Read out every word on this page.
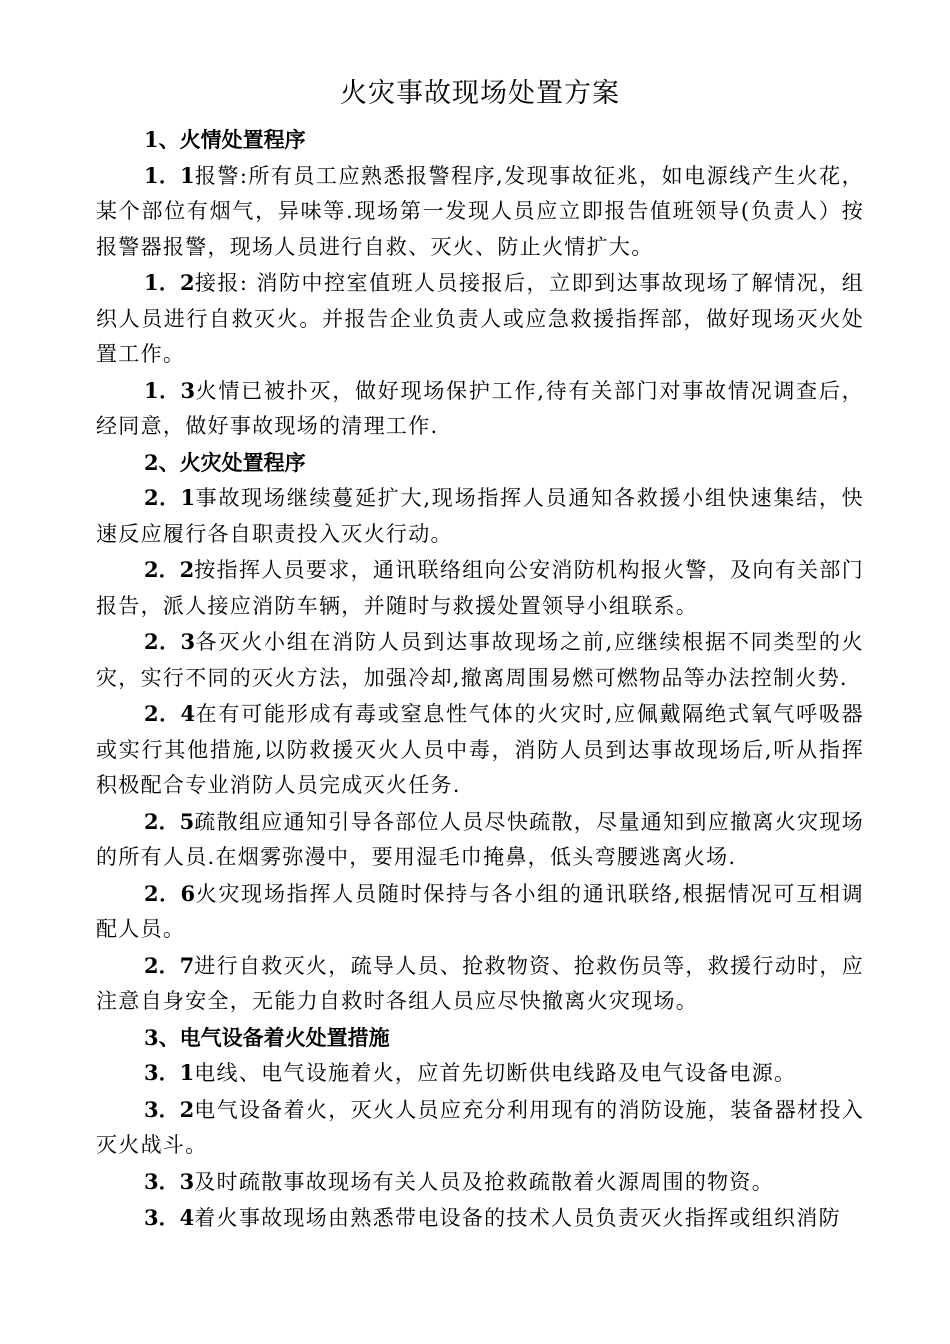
火灾事故现场处置方案

1、火情处置程序

1．1报警:所有员工应熟悉报警程序,发现事故征兆，如电源线产生火花，某个部位有烟气，异味等.现场第一发现人员应立即报告值班领导(负责人）按报警器报警，现场人员进行自救、灭火、防止火情扩大。

1．2接报: 消防中控室值班人员接报后，立即到达事故现场了解情况，组织人员进行自救灭火。并报告企业负责人或应急救援指挥部，做好现场灭火处置工作。

1．3火情已被扑灭，做好现场保护工作,待有关部门对事故情况调查后，经同意，做好事故现场的清理工作.

2、火灾处置程序

2．1事故现场继续蔓延扩大,现场指挥人员通知各救援小组快速集结，快速反应履行各自职责投入灭火行动。

2．2按指挥人员要求，通讯联络组向公安消防机构报火警，及向有关部门报告，派人接应消防车辆，并随时与救援处置领导小组联系。

2．3各灭火小组在消防人员到达事故现场之前,应继续根据不同类型的火灾，实行不同的灭火方法，加强冷却,撤离周围易燃可燃物品等办法控制火势.

2．4在有可能形成有毒或窒息性气体的火灾时,应佩戴隔绝式氧气呼吸器或实行其他措施,以防救援灭火人员中毒，消防人员到达事故现场后,听从指挥积极配合专业消防人员完成灭火任务.

2．5疏散组应通知引导各部位人员尽快疏散，尽量通知到应撤离火灾现场的所有人员.在烟雾弥漫中，要用湿毛巾掩鼻，低头弯腰逃离火场.

2．6火灾现场指挥人员随时保持与各小组的通讯联络,根据情况可互相调配人员。

2．7进行自救灭火，疏导人员、抢救物资、抢救伤员等，救援行动时，应注意自身安全，无能力自救时各组人员应尽快撤离火灾现场。

3、电气设备着火处置措施

3．1电线、电气设施着火，应首先切断供电线路及电气设备电源。

3．2电气设备着火，灭火人员应充分利用现有的消防设施，装备器材投入灭火战斗。

3．3及时疏散事故现场有关人员及抢救疏散着火源周围的物资。

3．4着火事故现场由熟悉带电设备的技术人员负责灭火指挥或组织消防
